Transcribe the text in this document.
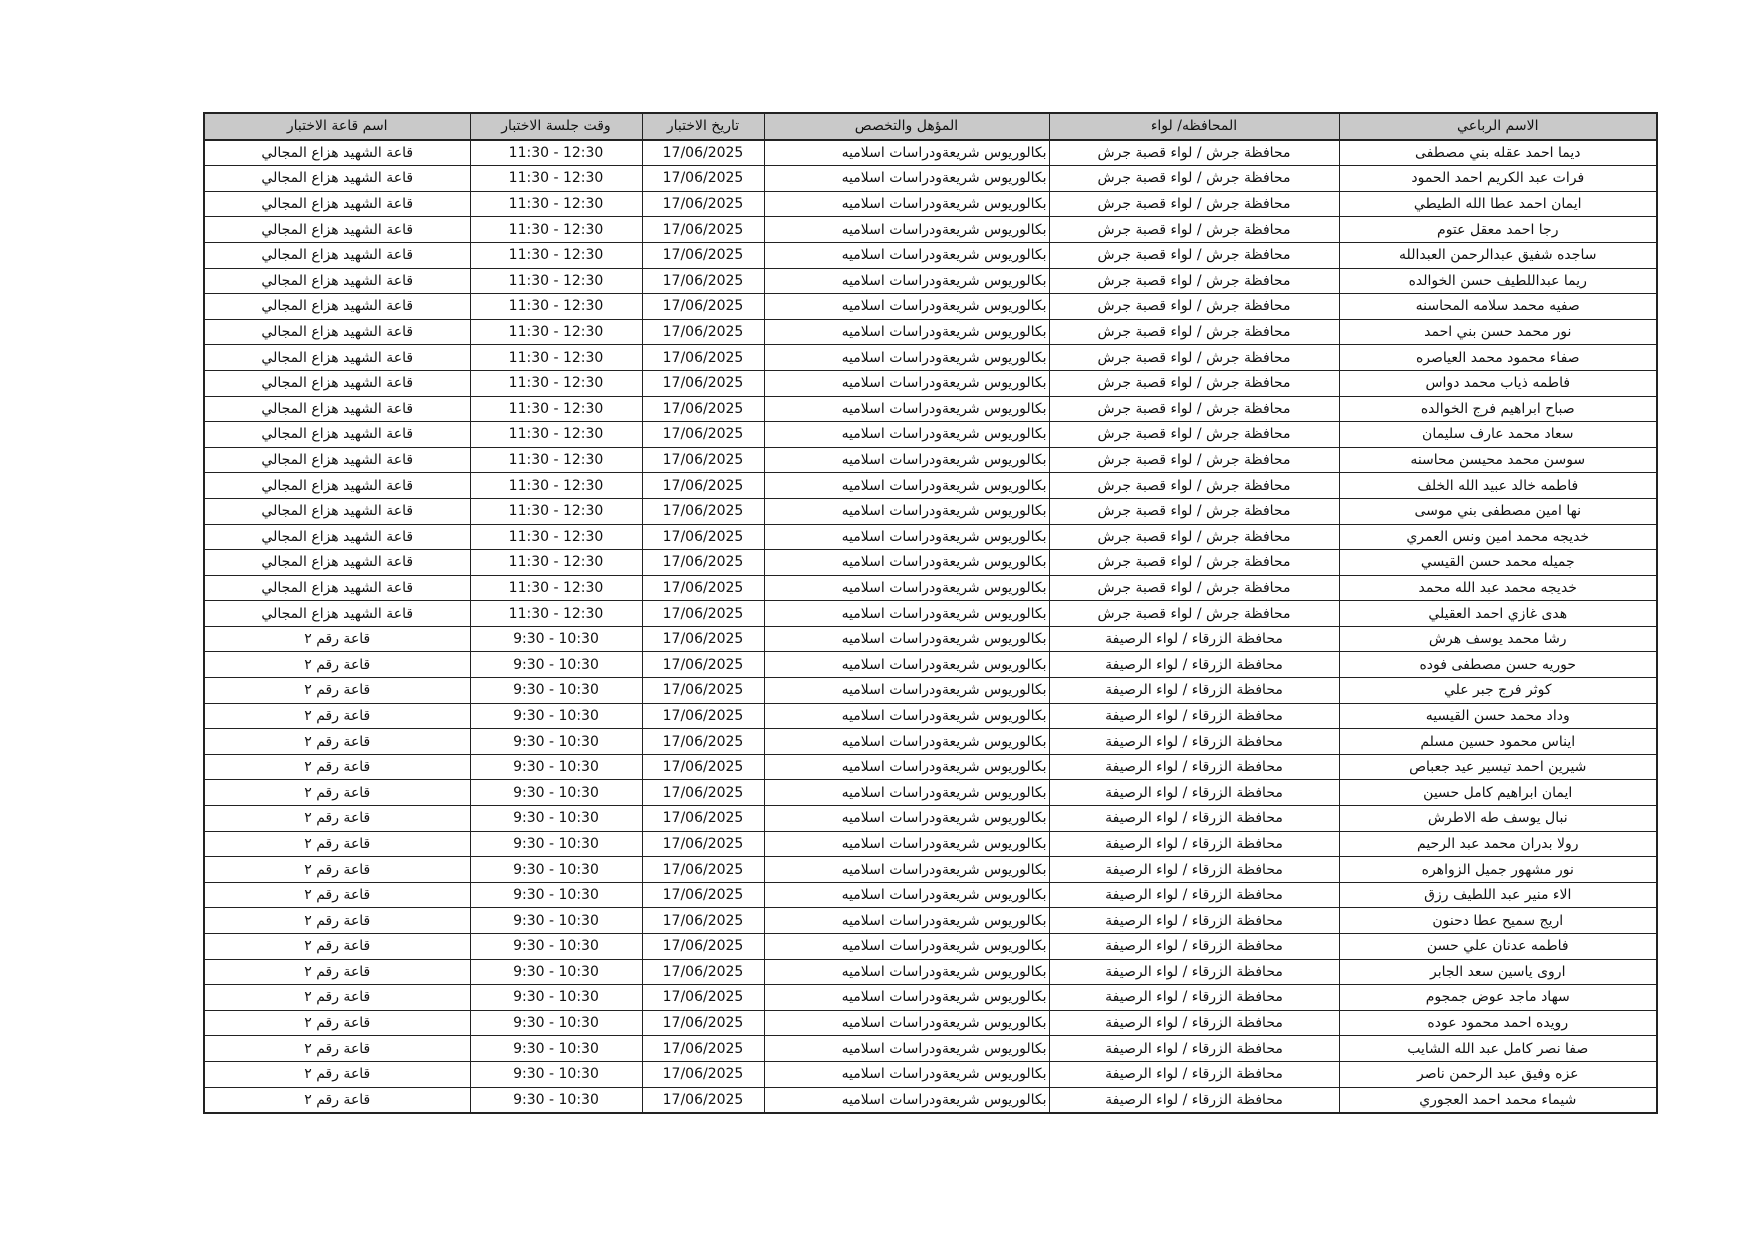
الاسم الرباعي	المحافظه/ لواء	المؤهل والتخصص	تاريخ الاختبار	وقت جلسة الاختبار	اسم قاعة الاختبار
ديما احمد عقله بني مصطفى	محافظة جرش / لواء قصبة جرش	بكالوريوس شريعةودراسات اسلاميه	17/06/2025	11:30 - 12:30	قاعة الشهيد هزاع المجالي
فرات عبد الكريم احمد الحمود	محافظة جرش / لواء قصبة جرش	بكالوريوس شريعةودراسات اسلاميه	17/06/2025	11:30 - 12:30	قاعة الشهيد هزاع المجالي
ايمان احمد عطا الله الطيطي	محافظة جرش / لواء قصبة جرش	بكالوريوس شريعةودراسات اسلاميه	17/06/2025	11:30 - 12:30	قاعة الشهيد هزاع المجالي
رجا احمد معقل عتوم	محافظة جرش / لواء قصبة جرش	بكالوريوس شريعةودراسات اسلاميه	17/06/2025	11:30 - 12:30	قاعة الشهيد هزاع المجالي
ساجده شفيق عبدالرحمن العبدالله	محافظة جرش / لواء قصبة جرش	بكالوريوس شريعةودراسات اسلاميه	17/06/2025	11:30 - 12:30	قاعة الشهيد هزاع المجالي
ريما عبداللطيف حسن الخوالده	محافظة جرش / لواء قصبة جرش	بكالوريوس شريعةودراسات اسلاميه	17/06/2025	11:30 - 12:30	قاعة الشهيد هزاع المجالي
صفيه محمد سلامه المحاسنه	محافظة جرش / لواء قصبة جرش	بكالوريوس شريعةودراسات اسلاميه	17/06/2025	11:30 - 12:30	قاعة الشهيد هزاع المجالي
نور محمد حسن بني احمد	محافظة جرش / لواء قصبة جرش	بكالوريوس شريعةودراسات اسلاميه	17/06/2025	11:30 - 12:30	قاعة الشهيد هزاع المجالي
صفاء محمود محمد العياصره	محافظة جرش / لواء قصبة جرش	بكالوريوس شريعةودراسات اسلاميه	17/06/2025	11:30 - 12:30	قاعة الشهيد هزاع المجالي
فاطمه ذياب محمد دواس	محافظة جرش / لواء قصبة جرش	بكالوريوس شريعةودراسات اسلاميه	17/06/2025	11:30 - 12:30	قاعة الشهيد هزاع المجالي
صباح ابراهيم فرج الخوالده	محافظة جرش / لواء قصبة جرش	بكالوريوس شريعةودراسات اسلاميه	17/06/2025	11:30 - 12:30	قاعة الشهيد هزاع المجالي
سعاد محمد عارف سليمان	محافظة جرش / لواء قصبة جرش	بكالوريوس شريعةودراسات اسلاميه	17/06/2025	11:30 - 12:30	قاعة الشهيد هزاع المجالي
سوسن محمد محيسن محاسنه	محافظة جرش / لواء قصبة جرش	بكالوريوس شريعةودراسات اسلاميه	17/06/2025	11:30 - 12:30	قاعة الشهيد هزاع المجالي
فاطمه خالد عبيد الله الخلف	محافظة جرش / لواء قصبة جرش	بكالوريوس شريعةودراسات اسلاميه	17/06/2025	11:30 - 12:30	قاعة الشهيد هزاع المجالي
نها امين مصطفى بني موسى	محافظة جرش / لواء قصبة جرش	بكالوريوس شريعةودراسات اسلاميه	17/06/2025	11:30 - 12:30	قاعة الشهيد هزاع المجالي
خديجه محمد امين ونس العمري	محافظة جرش / لواء قصبة جرش	بكالوريوس شريعةودراسات اسلاميه	17/06/2025	11:30 - 12:30	قاعة الشهيد هزاع المجالي
جميله محمد حسن القيسي	محافظة جرش / لواء قصبة جرش	بكالوريوس شريعةودراسات اسلاميه	17/06/2025	11:30 - 12:30	قاعة الشهيد هزاع المجالي
خديجه محمد عبد الله محمد	محافظة جرش / لواء قصبة جرش	بكالوريوس شريعةودراسات اسلاميه	17/06/2025	11:30 - 12:30	قاعة الشهيد هزاع المجالي
هدى غازي احمد العقيلي	محافظة جرش / لواء قصبة جرش	بكالوريوس شريعةودراسات اسلاميه	17/06/2025	11:30 - 12:30	قاعة الشهيد هزاع المجالي
رشا محمد يوسف هرش	محافظة الزرقاء / لواء الرصيفة	بكالوريوس شريعةودراسات اسلاميه	17/06/2025	9:30 - 10:30	قاعة رقم ٢
حوريه حسن مصطفى فوده	محافظة الزرقاء / لواء الرصيفة	بكالوريوس شريعةودراسات اسلاميه	17/06/2025	9:30 - 10:30	قاعة رقم ٢
كوثر فرج جبر علي	محافظة الزرقاء / لواء الرصيفة	بكالوريوس شريعةودراسات اسلاميه	17/06/2025	9:30 - 10:30	قاعة رقم ٢
وداد محمد حسن القيسيه	محافظة الزرقاء / لواء الرصيفة	بكالوريوس شريعةودراسات اسلاميه	17/06/2025	9:30 - 10:30	قاعة رقم ٢
ايناس محمود حسين مسلم	محافظة الزرقاء / لواء الرصيفة	بكالوريوس شريعةودراسات اسلاميه	17/06/2025	9:30 - 10:30	قاعة رقم ٢
شيرين احمد تيسير عيد جعباص	محافظة الزرقاء / لواء الرصيفة	بكالوريوس شريعةودراسات اسلاميه	17/06/2025	9:30 - 10:30	قاعة رقم ٢
ايمان ابراهيم كامل حسين	محافظة الزرقاء / لواء الرصيفة	بكالوريوس شريعةودراسات اسلاميه	17/06/2025	9:30 - 10:30	قاعة رقم ٢
نبال يوسف طه الاطرش	محافظة الزرقاء / لواء الرصيفة	بكالوريوس شريعةودراسات اسلاميه	17/06/2025	9:30 - 10:30	قاعة رقم ٢
رولا بدران محمد عبد الرحيم	محافظة الزرقاء / لواء الرصيفة	بكالوريوس شريعةودراسات اسلاميه	17/06/2025	9:30 - 10:30	قاعة رقم ٢
نور مشهور جميل الزواهره	محافظة الزرقاء / لواء الرصيفة	بكالوريوس شريعةودراسات اسلاميه	17/06/2025	9:30 - 10:30	قاعة رقم ٢
الاء منير عبد اللطيف رزق	محافظة الزرقاء / لواء الرصيفة	بكالوريوس شريعةودراسات اسلاميه	17/06/2025	9:30 - 10:30	قاعة رقم ٢
اريج سميح عطا دحنون	محافظة الزرقاء / لواء الرصيفة	بكالوريوس شريعةودراسات اسلاميه	17/06/2025	9:30 - 10:30	قاعة رقم ٢
فاطمه عدنان علي حسن	محافظة الزرقاء / لواء الرصيفة	بكالوريوس شريعةودراسات اسلاميه	17/06/2025	9:30 - 10:30	قاعة رقم ٢
اروى ياسين سعد الجابر	محافظة الزرقاء / لواء الرصيفة	بكالوريوس شريعةودراسات اسلاميه	17/06/2025	9:30 - 10:30	قاعة رقم ٢
سهاد ماجد عوض جمجوم	محافظة الزرقاء / لواء الرصيفة	بكالوريوس شريعةودراسات اسلاميه	17/06/2025	9:30 - 10:30	قاعة رقم ٢
رويده احمد محمود عوده	محافظة الزرقاء / لواء الرصيفة	بكالوريوس شريعةودراسات اسلاميه	17/06/2025	9:30 - 10:30	قاعة رقم ٢
صفا نصر كامل عبد الله الشايب	محافظة الزرقاء / لواء الرصيفة	بكالوريوس شريعةودراسات اسلاميه	17/06/2025	9:30 - 10:30	قاعة رقم ٢
عزه وفيق عبد الرحمن ناصر	محافظة الزرقاء / لواء الرصيفة	بكالوريوس شريعةودراسات اسلاميه	17/06/2025	9:30 - 10:30	قاعة رقم ٢
شيماء محمد احمد العجوري	محافظة الزرقاء / لواء الرصيفة	بكالوريوس شريعةودراسات اسلاميه	17/06/2025	9:30 - 10:30	قاعة رقم ٢
